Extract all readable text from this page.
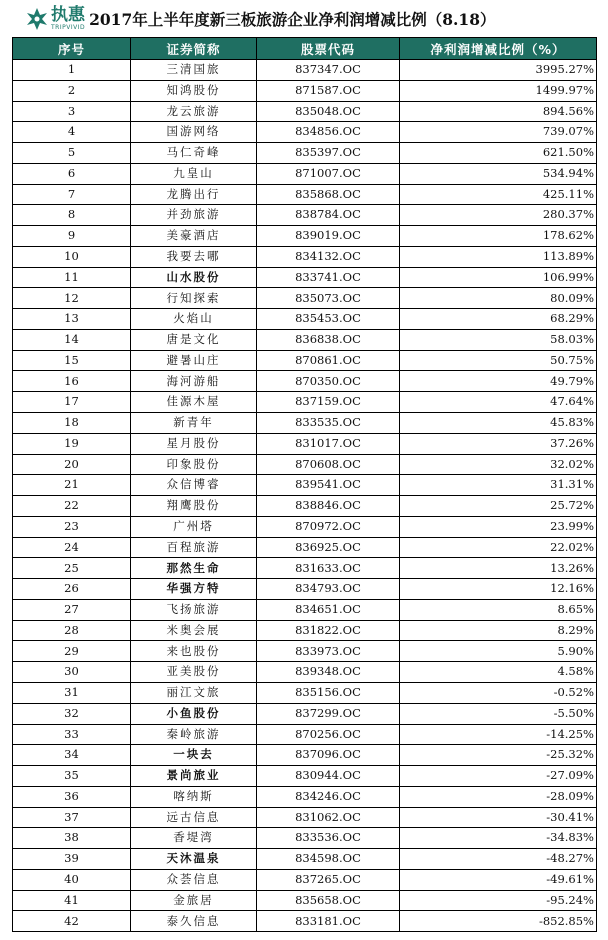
执惠
TRIPVIVID 2017年上半年度新三板旅游企业净利润增减比例（8.18）
序号	证券简称	股票代码	净利润增减比例（%）
1	三清国旅	837347.OC	3995.27%
2	知鸿股份	871587.OC	1499.97%
3	龙云旅游	835048.OC	894.56%
4	国游网络	834856.OC	739.07%
5	马仁奇峰	835397.OC	621.50%
6	九皇山	871007.OC	534.94%
7	龙腾出行	835868.OC	425.11%
8	并劲旅游	838784.OC	280.37%
9	美豪酒店	839019.OC	178.62%
10	我要去哪	834132.OC	113.89%
11	山水股份	833741.OC	106.99%
12	行知探索	835073.OC	80.09%
13	火焰山	835453.OC	68.29%
14	唐是文化	836838.OC	58.03%
15	避暑山庄	870861.OC	50.75%
16	海河游船	870350.OC	49.79%
17	佳源木屋	837159.OC	47.64%
18	新青年	833535.OC	45.83%
19	星月股份	831017.OC	37.26%
20	印象股份	870608.OC	32.02%
21	众信博睿	839541.OC	31.31%
22	翔鹰股份	838846.OC	25.72%
23	广州塔	870972.OC	23.99%
24	百程旅游	836925.OC	22.02%
25	那然生命	831633.OC	13.26%
26	华强方特	834793.OC	12.16%
27	飞扬旅游	834651.OC	8.65%
28	米奥会展	831822.OC	8.29%
29	来也股份	833973.OC	5.90%
30	亚美股份	839348.OC	4.58%
31	丽江文旅	835156.OC	-0.52%
32	小鱼股份	837299.OC	-5.50%
33	秦岭旅游	870256.OC	-14.25%
34	一块去	837096.OC	-25.32%
35	景尚旅业	830944.OC	-27.09%
36	喀纳斯	834246.OC	-28.09%
37	远古信息	831062.OC	-30.41%
38	香堤湾	833536.OC	-34.83%
39	天沐温泉	834598.OC	-48.27%
40	众荟信息	837265.OC	-49.61%
41	金旅居	835658.OC	-95.24%
42	泰久信息	833181.OC	-852.85%
